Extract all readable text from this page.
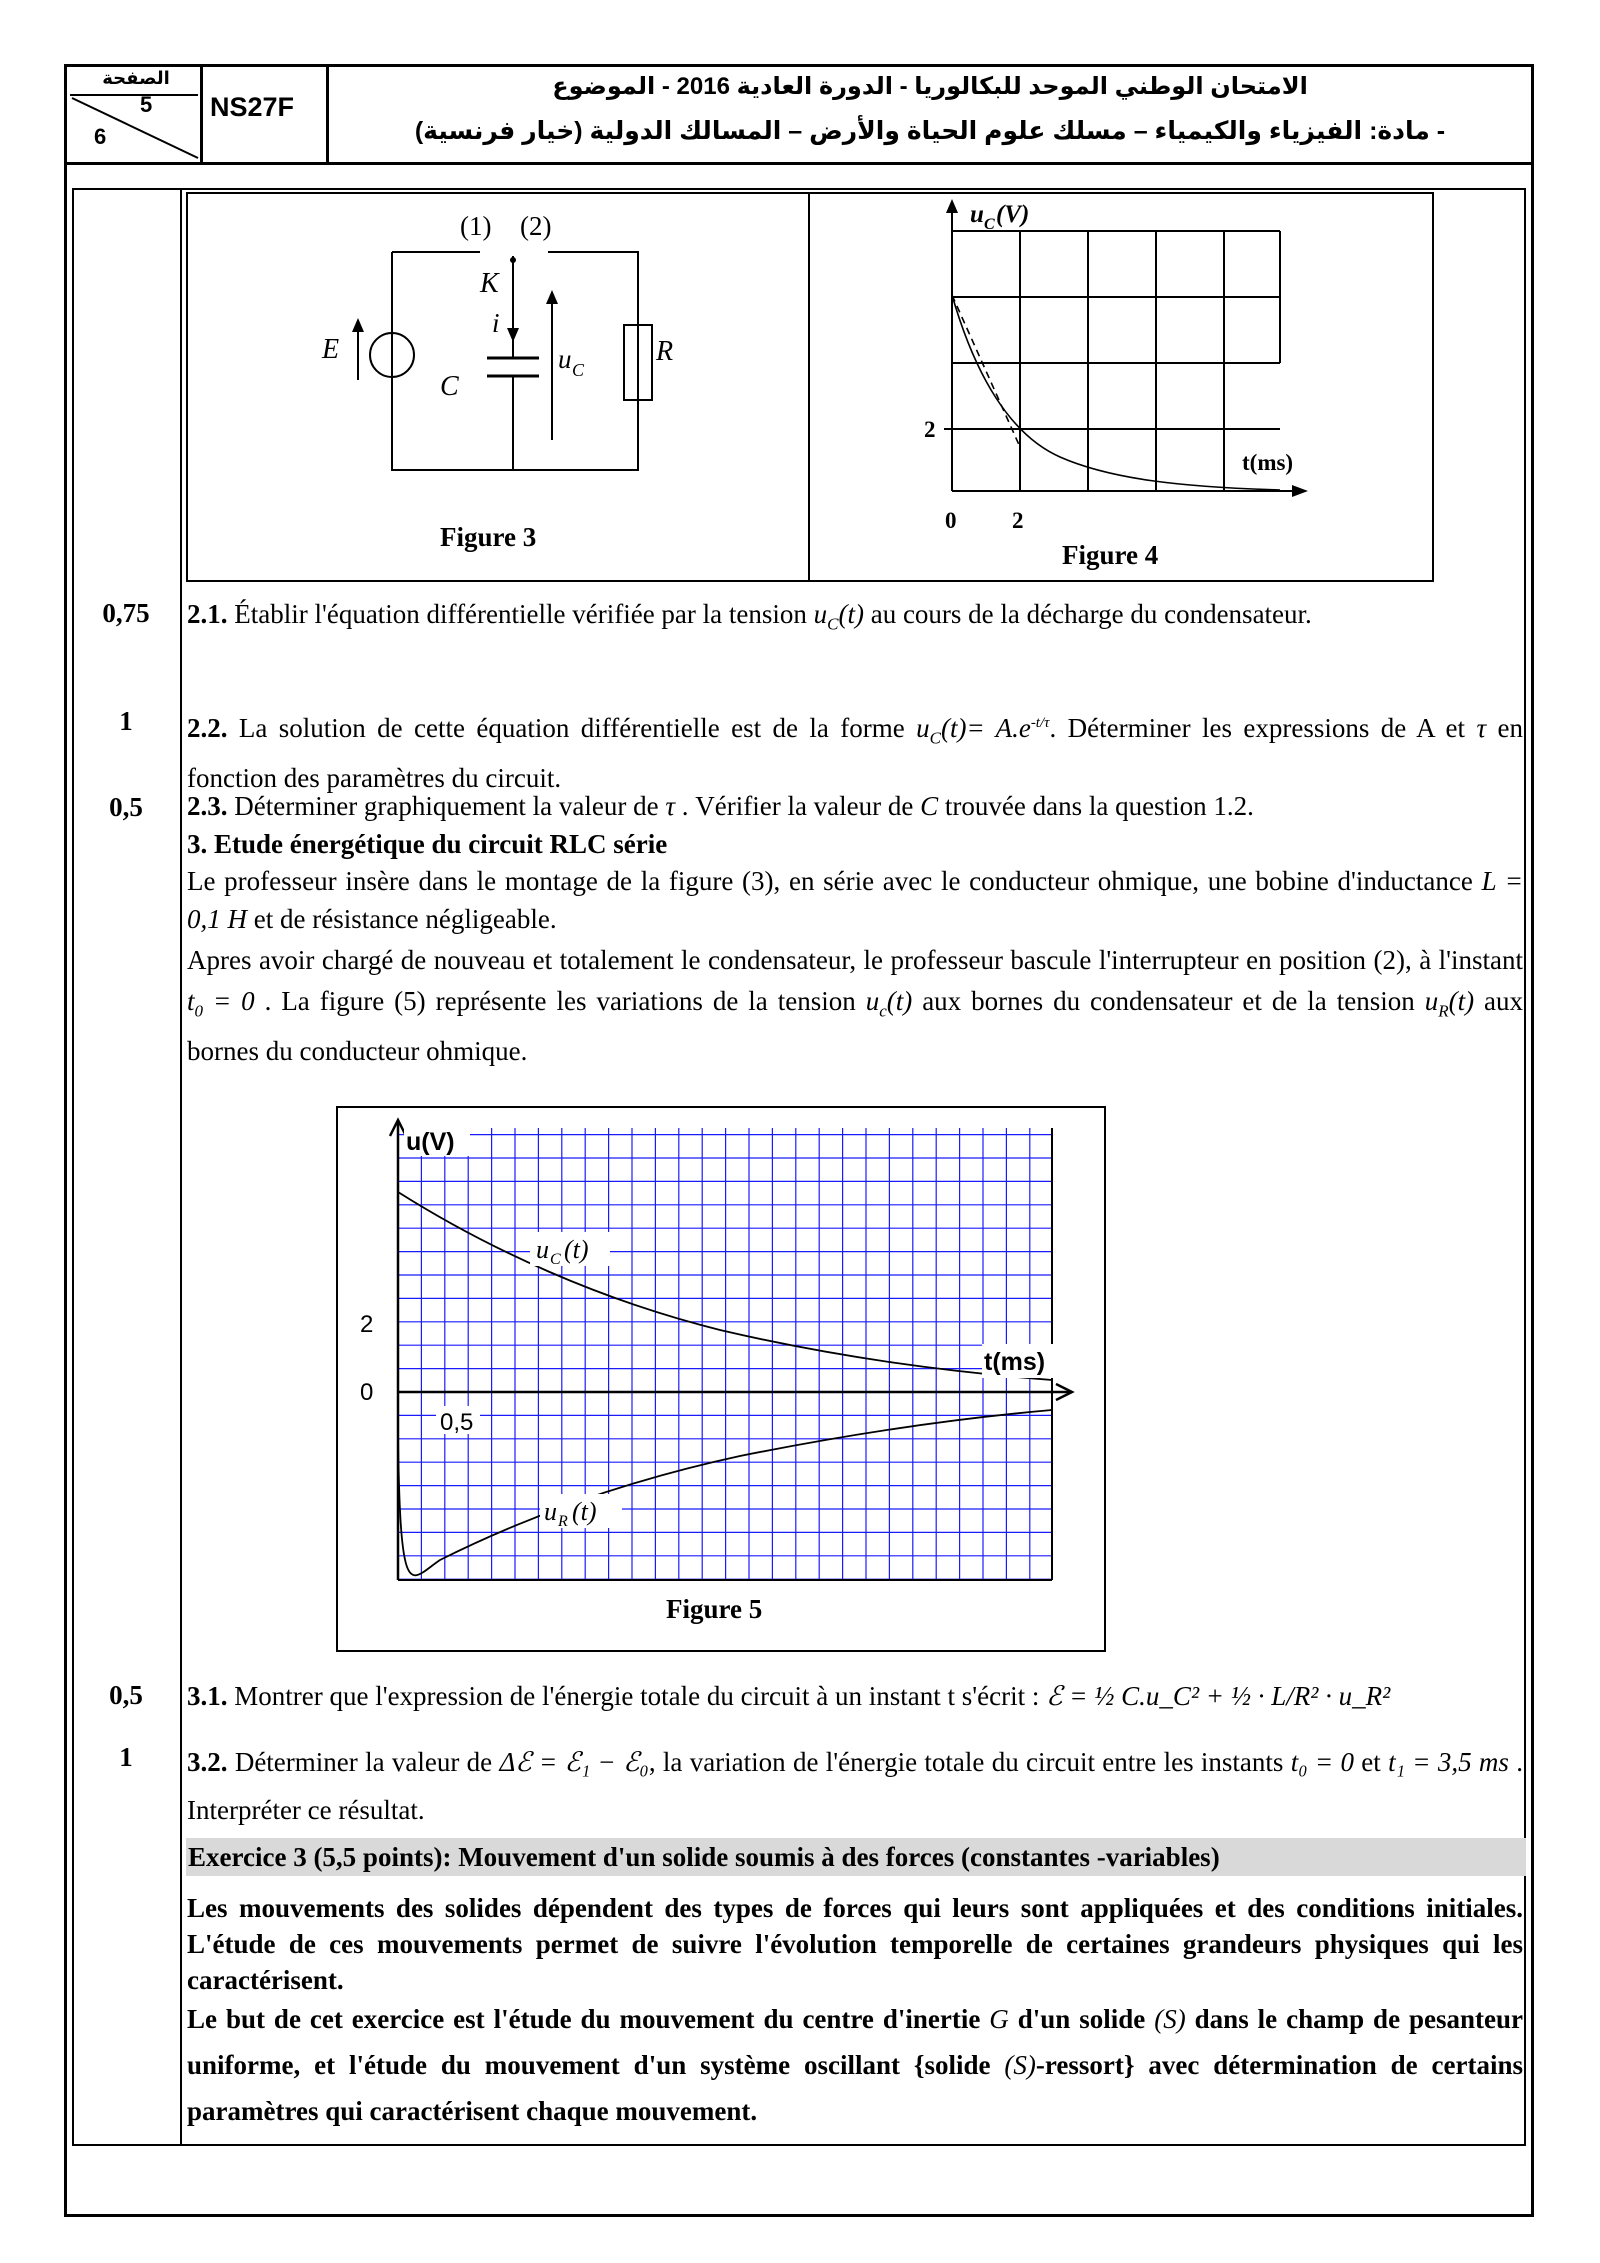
الصفحة
5
6
NS27F
الامتحان الوطني الموحد للبكالوريا - الدورة العادية 2016 - الموضوع
- مادة: الفيزياء والكيمياء – مسلك علوم الحياة والأرض – المسالك الدولية (خيار فرنسية)
(1) (2)
K
i
E
C
u C
R
Figure 3
u C (V)
t(ms)
2
0 2
Figure 4
0,75	2.1. Établir l'équation différentielle vérifiée par la tension $u_C(t)$ au cours de la décharge du condensateur.
1	2.2. La solution de cette équation différentielle est de la forme $u_C(t)= A.e^{-t/\tau}$. Déterminer les expressions de A et τ en fonction des paramètres du circuit.
0,5	2.3. Déterminer graphiquement la valeur de τ . Vérifier la valeur de C trouvée dans la question 1.2.
3. Etude énergétique du circuit RLC série
Le professeur insère dans le montage de la figure (3), en série avec le conducteur ohmique, une bobine d'inductance L = 0,1 H et de résistance négligeable.
Apres avoir chargé de nouveau et totalement le condensateur, le professeur bascule l'interrupteur en position (2), à l'instant $t_0 = 0$ . La figure (5) représente les variations de la tension $u_c(t)$ aux bornes du condensateur et de la tension $u_R(t)$ aux bornes du conducteur ohmique.
u(V)
u C (t)
u R (t)
t(ms)
2
0
0,5
Figure 5
0,5	3.1. Montrer que l'expression de l'énergie totale du circuit à un instant t s'écrit : ℰ = ½ C.u_C² + ½ · L/R² · u_R²
1	3.2. Déterminer la valeur de Δℰ = ℰ₁ − ℰ₀, la variation de l'énergie totale du circuit entre les instants t₀ = 0 et t₁ = 3,5 ms . Interpréter ce résultat.
Exercice 3 (5,5 points): Mouvement d'un solide soumis à des forces (constantes -variables)
Les mouvements des solides dépendent des types de forces qui leurs sont appliquées et des conditions initiales. L'étude de ces mouvements permet de suivre l'évolution temporelle de certaines grandeurs physiques qui les caractérisent.
Le but de cet exercice est l'étude du mouvement du centre d'inertie G d'un solide (S) dans le champ de pesanteur uniforme, et l'étude du mouvement d'un système oscillant {solide (S)-ressort} avec détermination de certains paramètres qui caractérisent chaque mouvement.
